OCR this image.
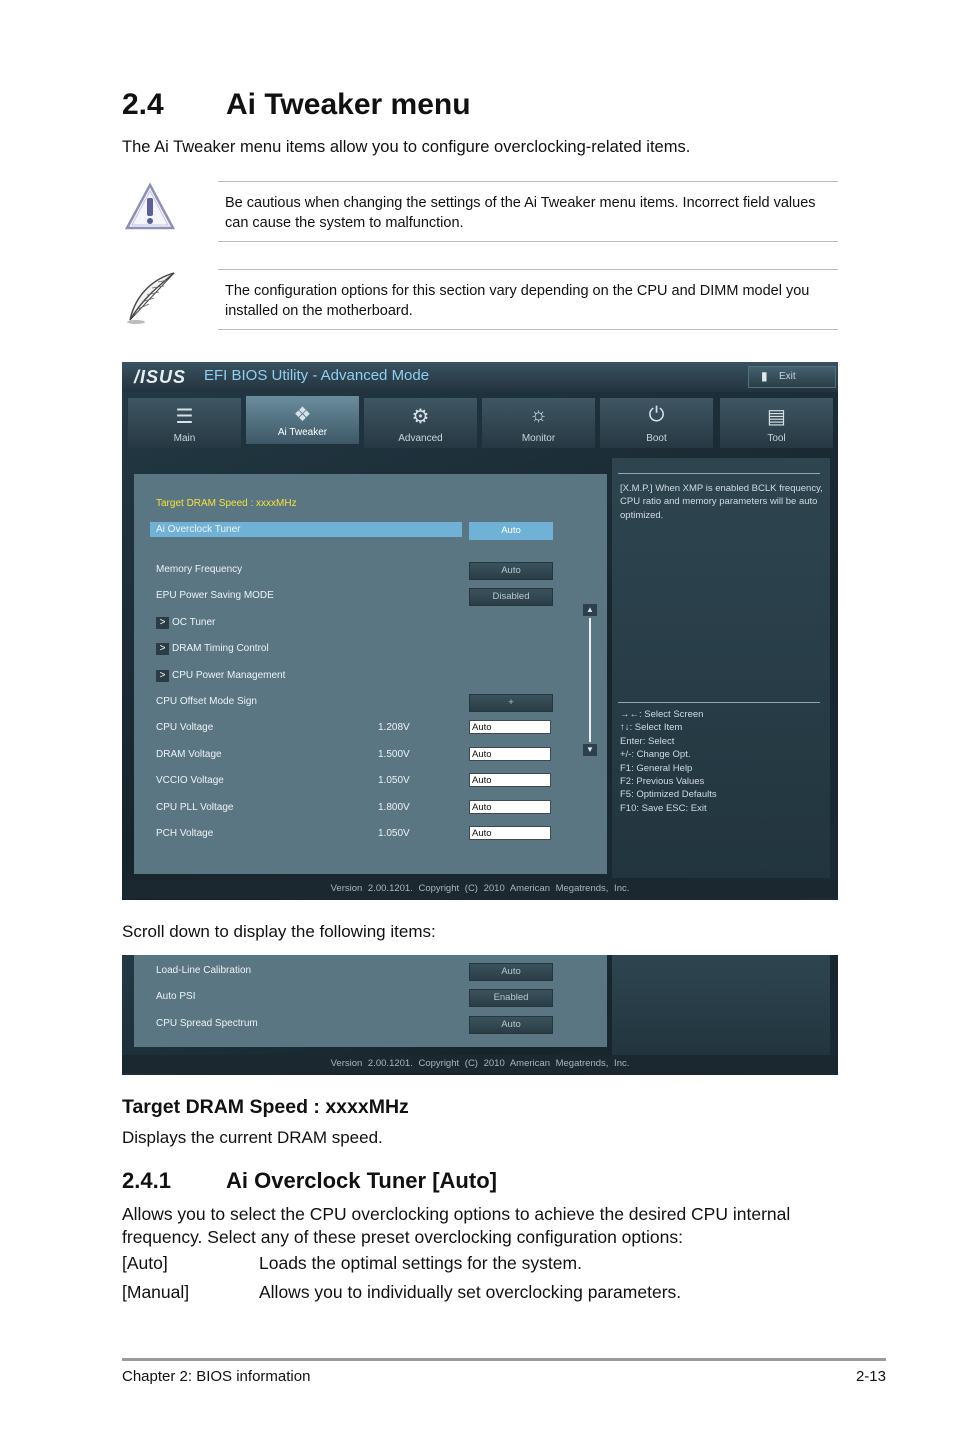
2.4 Ai Tweaker menu
The Ai Tweaker menu items allow you to configure overclocking-related items.
Be cautious when changing the settings of the Ai Tweaker menu items. Incorrect field values can cause the system to malfunction.
The configuration options for this section vary depending on the CPU and DIMM model you installed on the motherboard.
/ISUS EFI BIOS Utility - Advanced Mode	▮ Exit
☰
Main
❖
Ai Tweaker
⚙
Advanced
☼
Monitor
⏻
Boot
▤
Tool
Target DRAM Speed : xxxxMHz
Ai Overclock Tuner	Auto
Memory Frequency	Auto
EPU Power Saving MODE	Disabled
> OC Tuner
> DRAM Timing Control
> CPU Power Management
CPU Offset Mode Sign	+
CPU Voltage	1.208V	Auto
DRAM Voltage	1.500V	Auto
VCCIO Voltage	1.050V	Auto
CPU PLL Voltage	1.800V	Auto
PCH Voltage	1.050V	Auto
▲
▼
[X.M.P.] When XMP is enabled BCLK frequency, CPU ratio and memory parameters will be auto optimized.
→←: Select Screen
↑↓: Select Item
Enter: Select
+/-: Change Opt.
F1: General Help
F2: Previous Values
F5: Optimized Defaults
F10: Save ESC: Exit
Version 2.00.1201. Copyright (C) 2010 American Megatrends, Inc.
Scroll down to display the following items:
Load-Line Calibration	Auto
Auto PSI	Enabled
CPU Spread Spectrum	Auto
Version 2.00.1201. Copyright (C) 2010 American Megatrends, Inc.
Target DRAM Speed : xxxxMHz
Displays the current DRAM speed.
2.4.1	Ai Overclock Tuner [Auto]
Allows you to select the CPU overclocking options to achieve the desired CPU internal frequency. Select any of these preset overclocking configuration options:
[Auto]	Loads the optimal settings for the system.
[Manual]	Allows you to individually set overclocking parameters.
Chapter 2: BIOS information	2-13
